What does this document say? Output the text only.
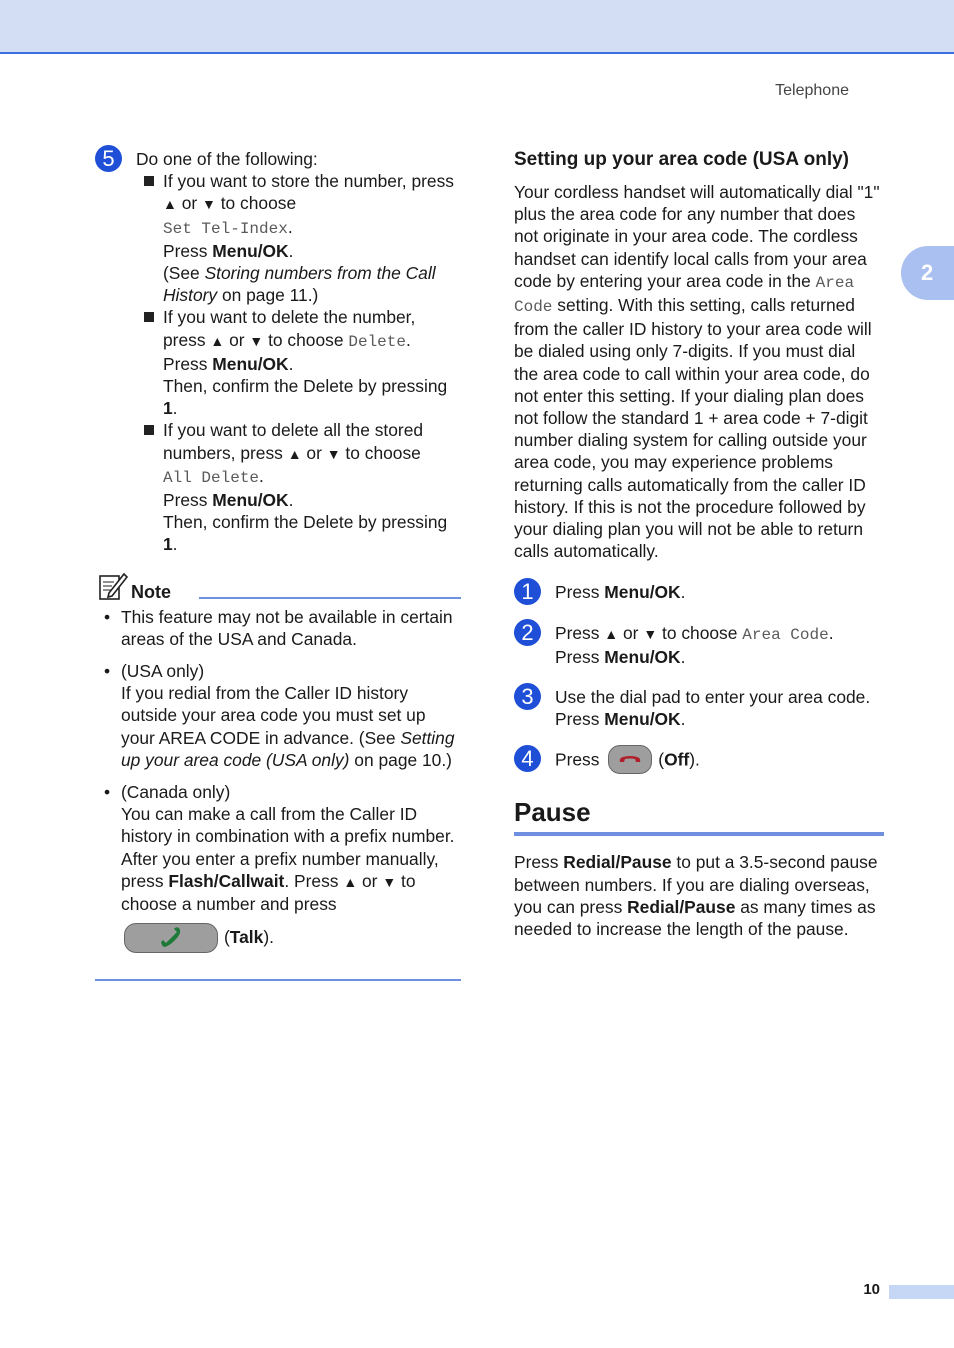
Telephone
2
5	Do one of the following:
If you want to store the number, press ▲ or ▼ to choose
Set Tel-Index.
Press Menu/OK.
(See Storing numbers from the Call History on page 11.)
If you want to delete the number, press ▲ or ▼ to choose Delete.
Press Menu/OK.
Then, confirm the Delete by pressing 1.
If you want to delete all the stored numbers, press ▲ or ▼ to choose
All Delete.
Press Menu/OK.
Then, confirm the Delete by pressing 1.
Note
• This feature may not be available in certain areas of the USA and Canada.
• (USA only)
If you redial from the Caller ID history outside your area code you must set up your AREA CODE in advance. (See Setting up your area code (USA only) on page 10.)
• (Canada only)
You can make a call from the Caller ID history in combination with a prefix number. After you enter a prefix number manually, press Flash/Callwait. Press ▲ or ▼ to choose a number and press
(Talk).
Setting up your area code (USA only)

Your cordless handset will automatically dial "1" plus the area code for any number that does not originate in your area code. The cordless handset can identify local calls from your area code by entering your area code in the Area Code setting. With this setting, calls returned from the caller ID history to your area code will be dialed using only 7-digits. If you must dial the area code to call within your area code, do not enter this setting. If your dialing plan does not follow the standard 1 + area code + 7-digit number dialing system for calling outside your area code, you may experience problems returning calls automatically from the caller ID history. If this is not the procedure followed by your dialing plan you will not be able to return calls automatically.

1	Press Menu/OK.
2	Press ▲ or ▼ to choose Area Code.
Press Menu/OK.
3	Use the dial pad to enter your area code.
Press Menu/OK.
4	Press	(Off).
Pause

Press Redial/Pause to put a 3.5-second pause between numbers. If you are dialing overseas, you can press Redial/Pause as many times as needed to increase the length of the pause.

10
